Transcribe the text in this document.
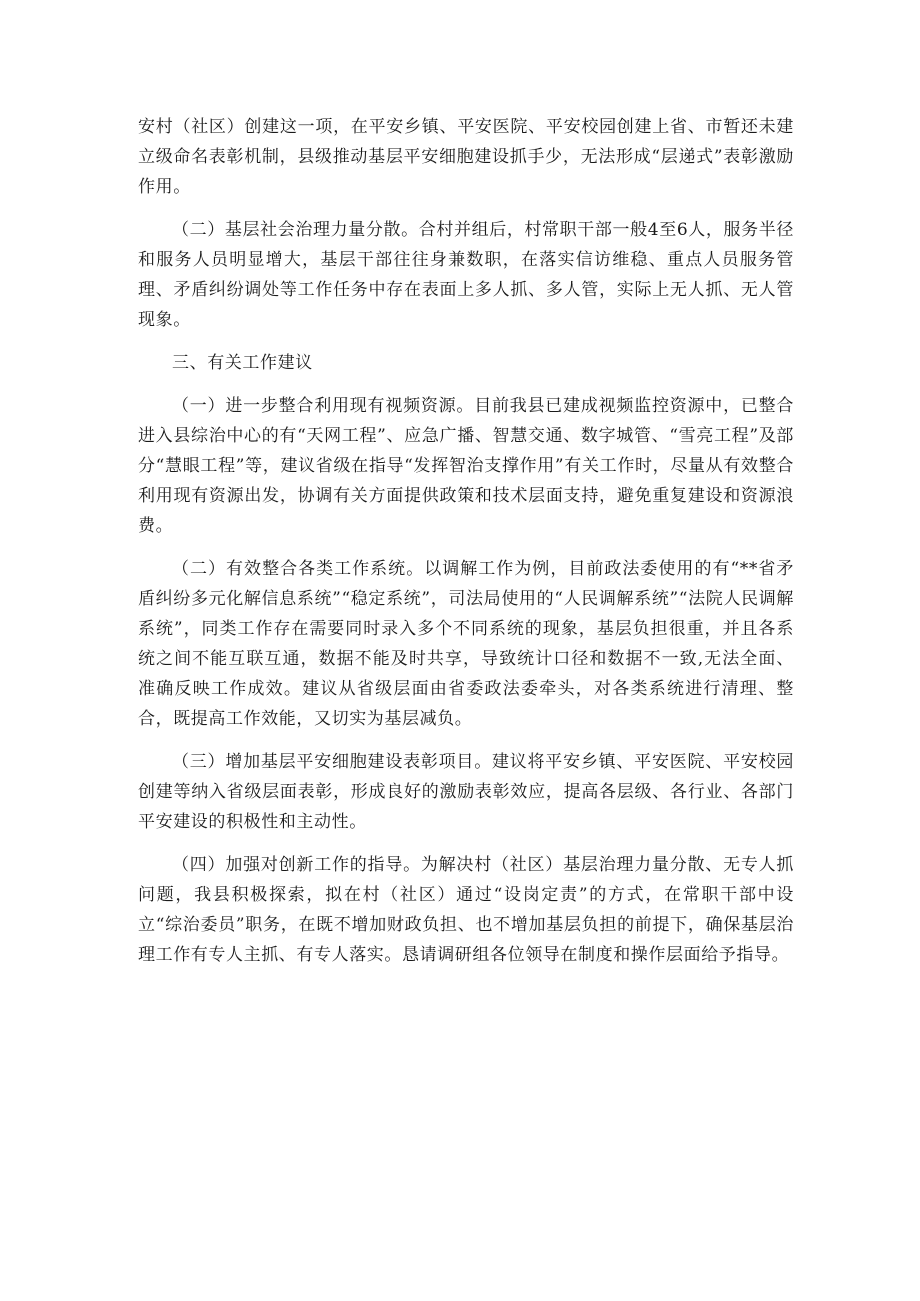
安村（社区）创建这一项，在平安乡镇、平安医院、平安校园创建上省、市暂还未建立级命名表彰机制，县级推动基层平安细胞建设抓手少，无法形成“层递式”表彰激励作用。

（二）基层社会治理力量分散。合村并组后，村常职干部一般4至6人，服务半径和服务人员明显增大，基层干部往往身兼数职，在落实信访维稳、重点人员服务管理、矛盾纠纷调处等工作任务中存在表面上多人抓、多人管，实际上无人抓、无人管现象。

三、有关工作建议

（一）进一步整合利用现有视频资源。目前我县已建成视频监控资源中，已整合进入县综治中心的有“天网工程”、应急广播、智慧交通、数字城管、“雪亮工程”及部分“慧眼工程”等，建议省级在指导“发挥智治支撑作用”有关工作时，尽量从有效整合利用现有资源出发，协调有关方面提供政策和技术层面支持，避免重复建设和资源浪费。

（二）有效整合各类工作系统。以调解工作为例，目前政法委使用的有“**省矛盾纠纷多元化解信息系统”“稳定系统”，司法局使用的“人民调解系统”“法院人民调解系统”，同类工作存在需要同时录入多个不同系统的现象，基层负担很重，并且各系统之间不能互联互通，数据不能及时共享，导致统计口径和数据不一致,无法全面、准确反映工作成效。建议从省级层面由省委政法委牵头，对各类系统进行清理、整合，既提高工作效能，又切实为基层减负。

（三）增加基层平安细胞建设表彰项目。建议将平安乡镇、平安医院、平安校园创建等纳入省级层面表彰，形成良好的激励表彰效应，提高各层级、各行业、各部门平安建设的积极性和主动性。

（四）加强对创新工作的指导。为解决村（社区）基层治理力量分散、无专人抓问题，我县积极探索，拟在村（社区）通过“设岗定责”的方式，在常职干部中设立“综治委员”职务，在既不增加财政负担、也不增加基层负担的前提下，确保基层治理工作有专人主抓、有专人落实。恳请调研组各位领导在制度和操作层面给予指导。
